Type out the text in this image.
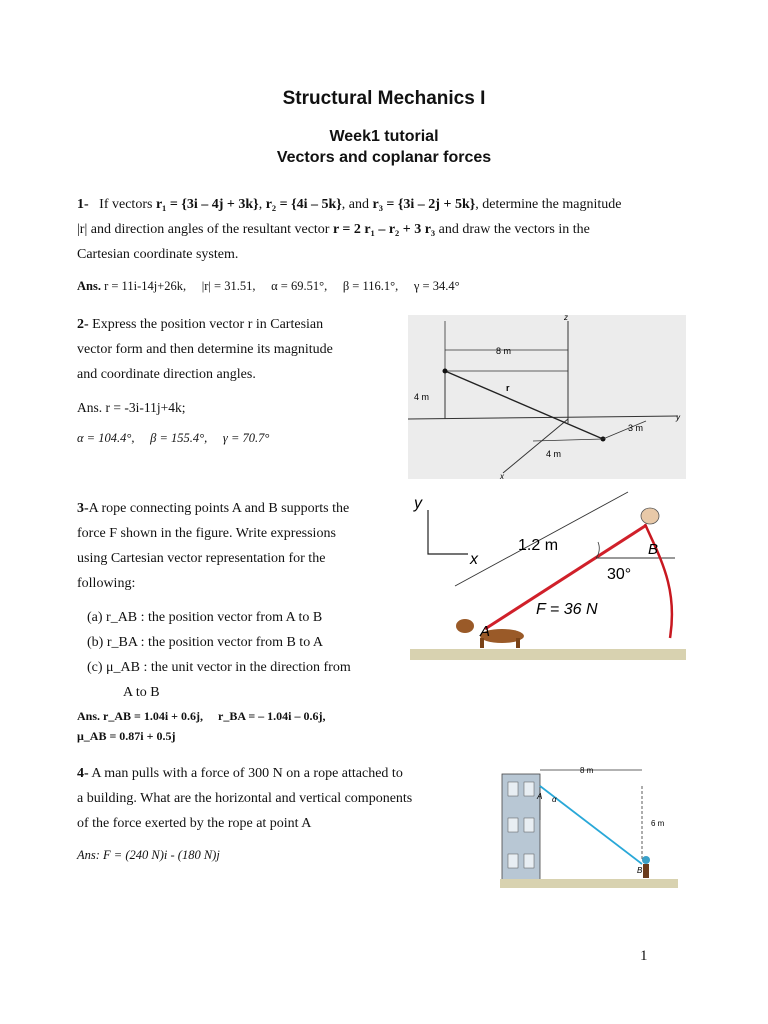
Structural Mechanics I
Week1 tutorial
Vectors and coplanar forces
1- If vectors r₁ = {3i – 4j + 3k}, r₂ = {4i – 5k}, and r₃ = {3i – 2j + 5k}, determine the magnitude
|r| and direction angles of the resultant vector r = 2 r₁ – r₂ + 3 r₃ and draw the vectors in the
Cartesian coordinate system.
Ans. r = 11i-14j+26k,     |r| = 31.51,     α = 69.51°,     β = 116.1°,     γ = 34.4°
2- Express the position vector r in Cartesian
vector form and then determine its magnitude
and coordinate direction angles.
Ans. r = -3i-11j+4k;
α = 104.4°,     β = 155.4°,     γ = 70.7°
z
y
x
8 m
4 m
3 m
4 m
r
3-A rope connecting points A and B supports the
force F shown in the figure. Write expressions
using Cartesian vector representation for the
following:
(a) r_AB : the position vector from A to B
(b) r_BA : the position vector from B to A
(c) μ_AB : the unit vector in the direction from
A to B
Ans. r_AB = 1.04i + 0.6j,     r_BA = – 1.04i – 0.6j,
μ_AB = 0.87i + 0.5j
y
x
1.2 m
30°
F = 36 N
B
A
4- A man pulls with a force of 300 N on a rope attached to
a building. What are the horizontal and vertical components
of the force exerted by the rope at point A
Ans: F = (240 N)i - (180 N)j
8 m
6 m
α
A
B
1
